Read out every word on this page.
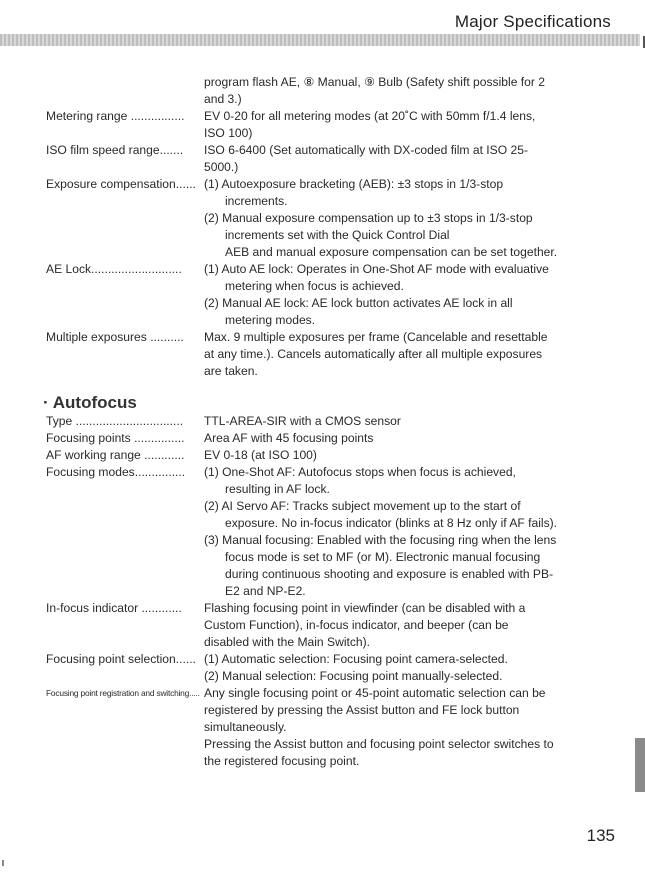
Major Specifications
program flash AE, ⑧ Manual, ⑨ Bulb (Safety shift possible for 2
and 3.)
Metering range ................	EV 0-20 for all metering modes (at 20˚C with 50mm f/1.4 lens,
ISO 100)
ISO film speed range.......	ISO 6-6400 (Set automatically with DX-coded film at ISO 25-
5000.)
Exposure compensation...... (1) Autoexposure bracketing (AEB): ±3 stops in 1/3-stop
increments.
(2) Manual exposure compensation up to ±3 stops in 1/3-stop
increments set with the Quick Control Dial
AEB and manual exposure compensation can be set together.
AE Lock...........................	(1) Auto AE lock: Operates in One-Shot AF mode with evaluative
metering when focus is achieved.
(2) Manual AE lock: AE lock button activates AE lock in all
metering modes.
Multiple exposures ..........	Max. 9 multiple exposures per frame (Cancelable and resettable
at any time.). Cancels automatically after all multiple exposures
are taken.
· Autofocus
Type ................................	TTL-AREA-SIR with a CMOS sensor
Focusing points ...............	Area AF with 45 focusing points
AF working range ............	EV 0-18 (at ISO 100)
Focusing modes...............	(1) One-Shot AF: Autofocus stops when focus is achieved,
resulting in AF lock.
(2) AI Servo AF: Tracks subject movement up to the start of
exposure. No in-focus indicator (blinks at 8 Hz only if AF fails).
(3) Manual focusing: Enabled with the focusing ring when the lens
focus mode is set to MF (or M). Electronic manual focusing
during continuous shooting and exposure is enabled with PB-
E2 and NP-E2.
In-focus indicator ............	Flashing focusing point in viewfinder (can be disabled with a
Custom Function), in-focus indicator, and beeper (can be
disabled with the Main Switch).
Focusing point selection...... (1) Automatic selection: Focusing point camera-selected.
(2) Manual selection: Focusing point manually-selected.
Focusing point registration and switching..... Any single focusing point or 45-point automatic selection can be
registered by pressing the Assist button and FE lock button
simultaneously.
Pressing the Assist button and focusing point selector switches to
the registered focusing point.
135
